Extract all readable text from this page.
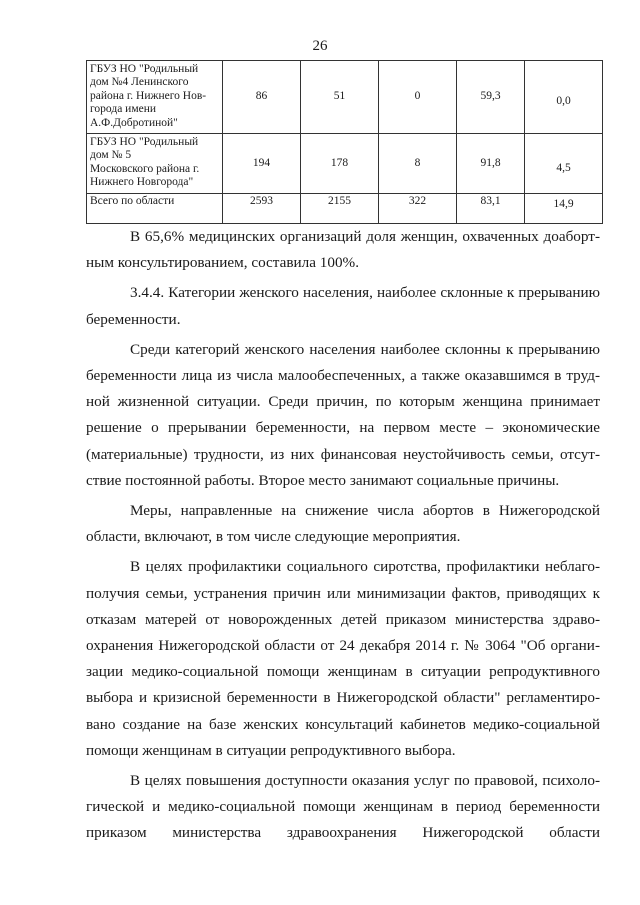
26
ГБУЗ НО "Родильный
дом №4 Ленинского
района г. Нижнего Нов-
города имени
А.Ф.Добротиной"	86	51	0	59,3	0,0

ГБУЗ НО "Родильный
дом № 5
Московского района г.
Нижнего Новгорода"	194	178	8	91,8	4,5

Всего по области	2593	2155	322	83,1	14,9

В 65,6% медицинских организаций доля женщин, охваченных доабортным консультированием, составила 100%.

3.4.4. Категории женского населения, наиболее склонные к прерыванию беременности.

Среди категорий женского населения наиболее склонны к прерыванию беременности лица из числа малообеспеченных, а также оказавшимся в трудной жизненной ситуации. Среди причин, по которым женщина принимает решение о прерывании беременности, на первом месте – экономические (материальные) трудности, из них финансовая неустойчивость семьи, отсутствие постоянной работы. Второе место занимают социальные причины.

Меры, направленные на снижение числа абортов в Нижегородской области, включают, в том числе следующие мероприятия.

В целях профилактики социального сиротства, профилактики неблагополучия семьи, устранения причин или минимизации фактов, приводящих к отказам матерей от новорожденных детей приказом министерства здравоохранения Нижегородской области от 24 декабря 2014 г. № 3064 "Об организации медико-социальной помощи женщинам в ситуации репродуктивного выбора и кризисной беременности в Нижегородской области" регламентировано создание на базе женских консультаций кабинетов медико-социальной помощи женщинам в ситуации репродуктивного выбора.

В целях повышения доступности оказания услуг по правовой, психологической и медико-социальной помощи женщинам в период беременности приказом министерства здравоохранения Нижегородской области
